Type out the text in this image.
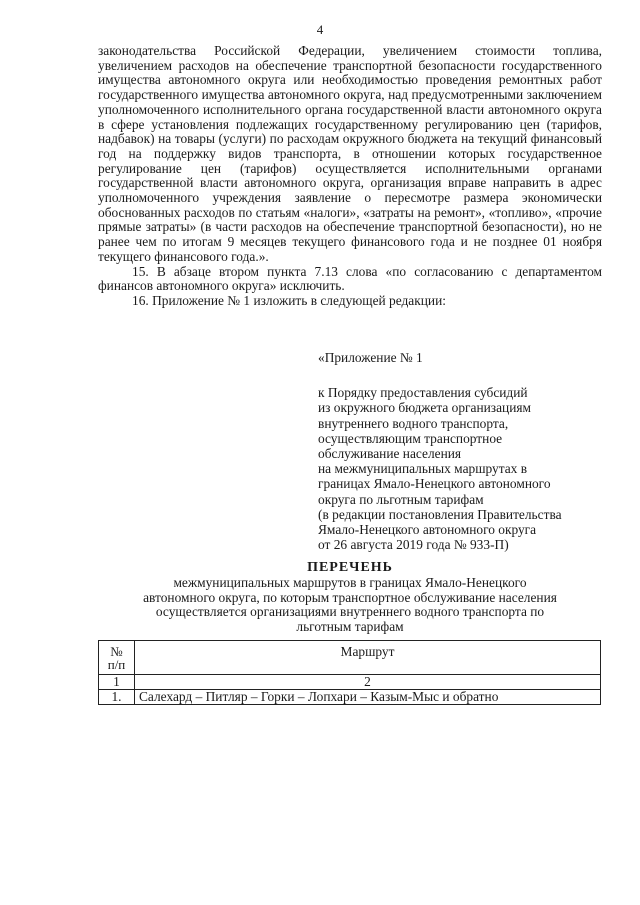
4

законодательства Российской Федерации, увеличением стоимости топлива, увеличением расходов на обеспечение транспортной безопасности государственного имущества автономного округа или необходимостью проведения ремонтных работ государственного имущества автономного округа, над предусмотренными заключением уполномоченного исполнительного органа государственной власти автономного округа в сфере установления подлежащих государственному регулированию цен (тарифов, надбавок) на товары (услуги) по расходам окружного бюджета на текущий финансовый год на поддержку видов транспорта, в отношении которых государственное регулирование цен (тарифов) осуществляется исполнительными органами государственной власти автономного округа, организация вправе направить в адрес уполномоченного учреждения заявление о пересмотре размера экономически обоснованных расходов по статьям «налоги», «затраты на ремонт», «топливо», «прочие прямые затраты» (в части расходов на обеспечение транспортной безопасности), но не ранее чем по итогам 9 месяцев текущего финансового года и не позднее 01 ноября текущего финансового года.».

15. В абзаце втором пункта 7.13 слова «по согласованию с департаментом финансов автономного округа» исключить.

16. Приложение № 1 изложить в следующей редакции:

«Приложение № 1
к Порядку предоставления субсидий
из окружного бюджета организациям
внутреннего водного транспорта,
осуществляющим транспортное
обслуживание населения
на межмуниципальных маршрутах в
границах Ямало-Ненецкого автономного
округа по льготным тарифам
(в редакции постановления Правительства
Ямало-Ненецкого автономного округа
от 26 августа 2019 года № 933-П)
ПЕРЕЧЕНЬ
межмуниципальных маршрутов в границах Ямало-Ненецкого автономного округа, по которым транспортное обслуживание населения осуществляется организациями внутреннего водного транспорта по льготным тарифам
№
п/п	Маршрут
1	2
1.	Салехард – Питляр – Горки – Лопхари – Казым-Мыс и обратно
